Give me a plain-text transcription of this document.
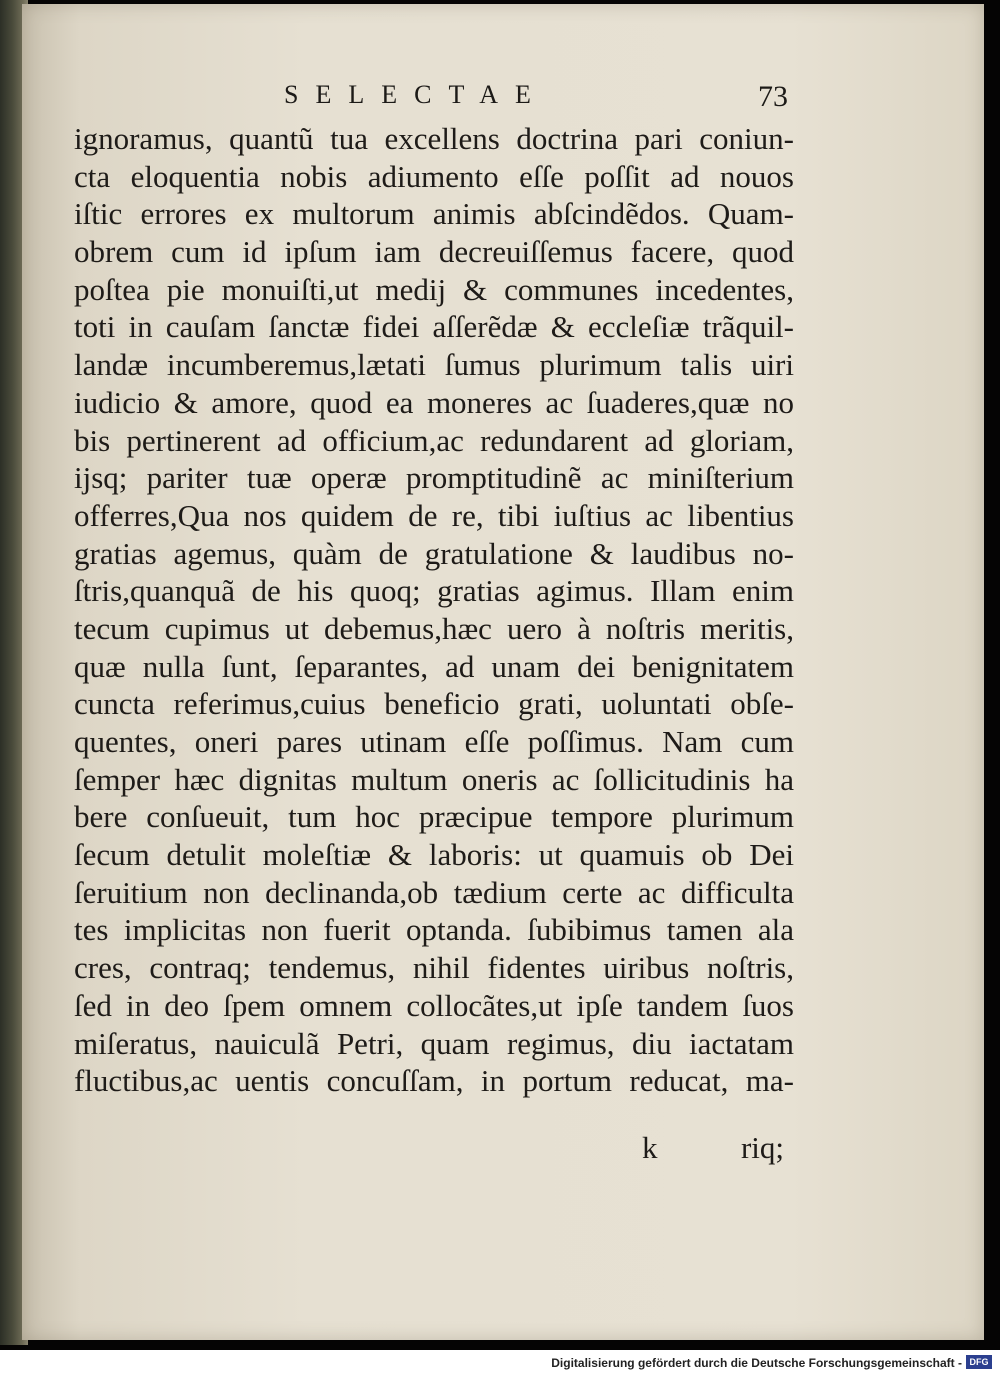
SELECTAE	73
ignoramus, quantũ tua excellens doctrina pari coniun-
cta eloquentia nobis adiumento eſſe poſſit ad nouos
iſtic errores ex multorum animis abſcindẽdos. Quam-
obrem cum id ipſum iam decreuiſſemus facere, quod
poſtea pie monuiſti,ut medij & communes incedentes,
toti in cauſam ſanctæ fidei aſſerẽdæ & eccleſiæ trãquil-
landæ incumberemus,lætati ſumus plurimum talis uiri
iudicio & amore, quod ea moneres ac ſuaderes,quæ no
bis pertinerent ad officium,ac redundarent ad gloriam,
ijsq; pariter tuæ operæ promptitudinẽ ac miniſterium
offerres,Qua nos quidem de re, tibi iuſtius ac libentius
gratias agemus, quàm de gratulatione & laudibus no-
ſtris,quanquã de his quoq; gratias agimus. Illam enim
tecum cupimus ut debemus,hæc uero à noſtris meritis,
quæ nulla ſunt, ſeparantes, ad unam dei benignitatem
cuncta referimus,cuius beneficio grati, uoluntati obſe-
quentes, oneri pares utinam eſſe poſſimus. Nam cum
ſemper hæc dignitas multum oneris ac ſollicitudinis ha
bere conſueuit, tum hoc præcipue tempore plurimum
ſecum detulit moleſtiæ & laboris: ut quamuis ob Dei
ſeruitium non declinanda,ob tædium certe ac difficulta
tes implicitas non fuerit optanda. ſubibimus tamen ala
cres, contraq; tendemus, nihil fidentes uiribus noſtris,
ſed in deo ſpem omnem collocãtes,ut ipſe tandem ſuos
miſeratus, nauiculã Petri, quam regimus, diu iactatam
fluctibus,ac uentis concuſſam, in portum reducat, ma-
k	riq;
Digitalisierung gefördert durch die Deutsche Forschungsgemeinschaft - DFG
